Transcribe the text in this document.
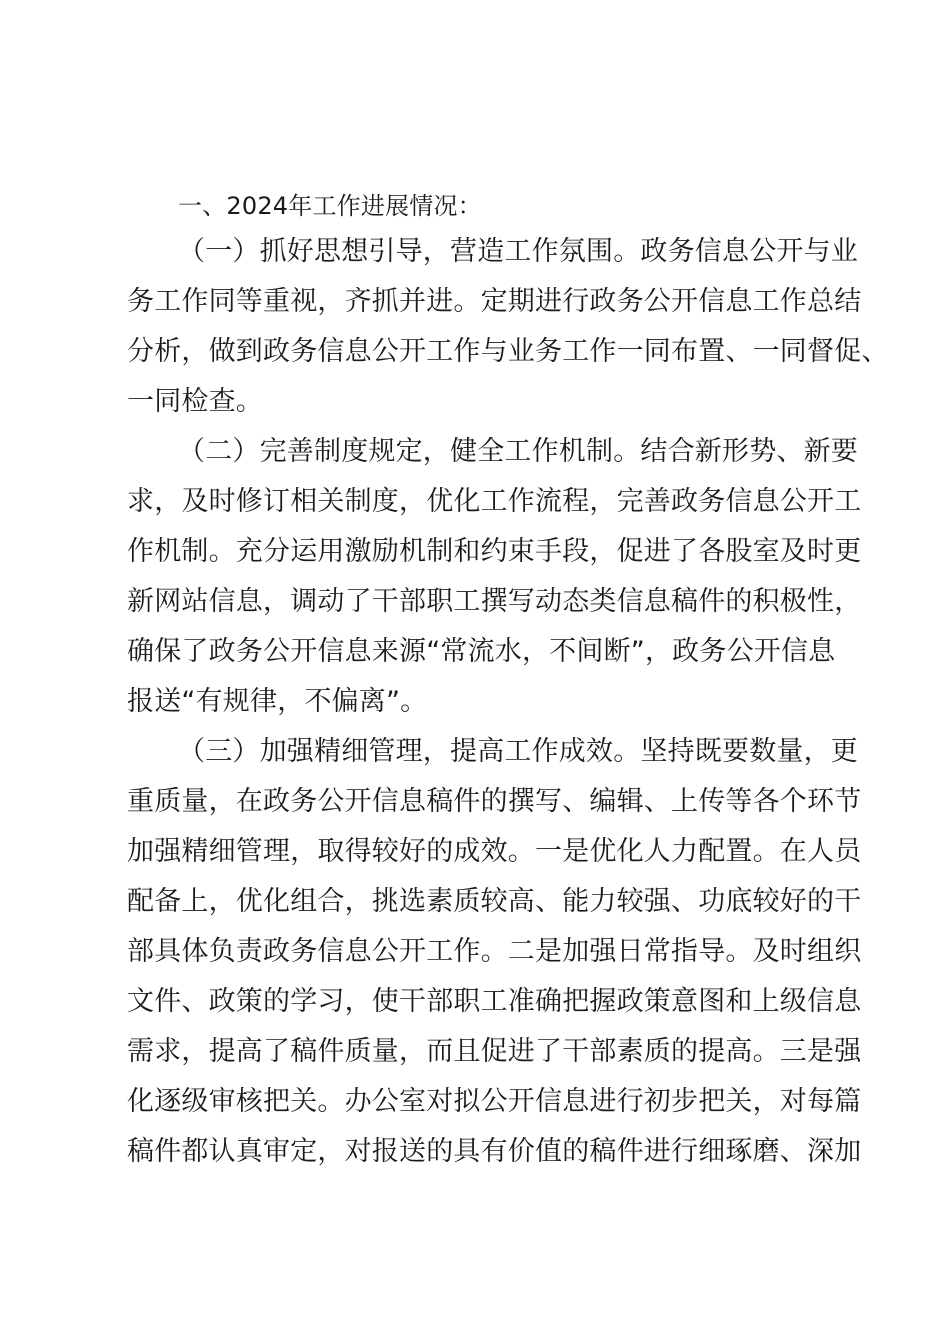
一、2024年工作进展情况：
（一）抓好思想引导，营造工作氛围。政务信息公开与业
务工作同等重视，齐抓并进。定期进行政务公开信息工作总结
分析，做到政务信息公开工作与业务工作一同布置、一同督促、
一同检查。
（二）完善制度规定，健全工作机制。结合新形势、新要
求，及时修订相关制度，优化工作流程，完善政务信息公开工
作机制。充分运用激励机制和约束手段，促进了各股室及时更
新网站信息，调动了干部职工撰写动态类信息稿件的积极性，
确保了政务公开信息来源“常流水，不间断”，政务公开信息
报送“有规律，不偏离”。
（三）加强精细管理，提高工作成效。坚持既要数量，更
重质量，在政务公开信息稿件的撰写、编辑、上传等各个环节
加强精细管理，取得较好的成效。一是优化人力配置。在人员
配备上，优化组合，挑选素质较高、能力较强、功底较好的干
部具体负责政务信息公开工作。二是加强日常指导。及时组织
文件、政策的学习，使干部职工准确把握政策意图和上级信息
需求，提高了稿件质量，而且促进了干部素质的提高。三是强
化逐级审核把关。办公室对拟公开信息进行初步把关，对每篇
稿件都认真审定，对报送的具有价值的稿件进行细琢磨、深加
